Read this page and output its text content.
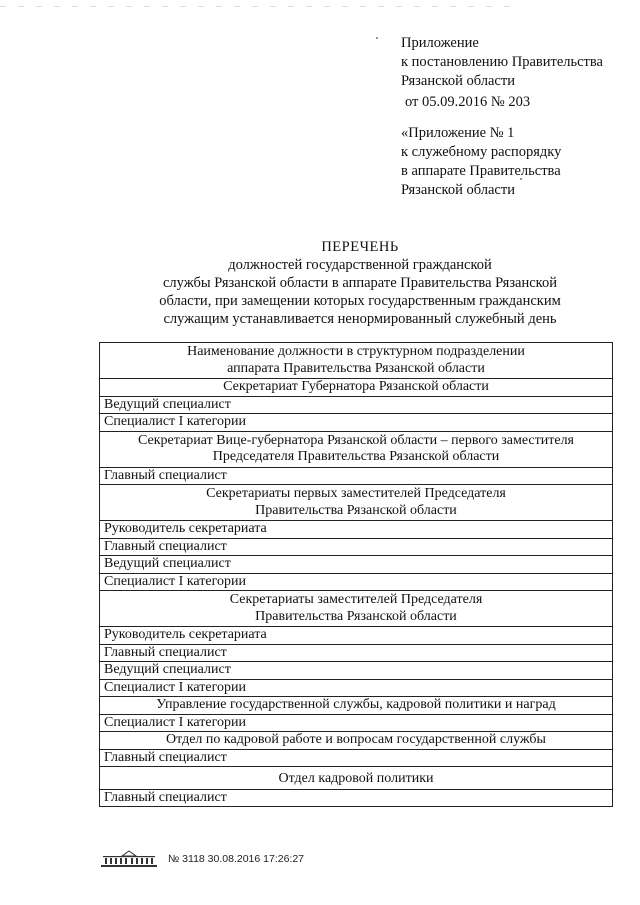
Приложение
к постановлению Правительства
Рязанской области
от 05.09.2016 № 203
«Приложение № 1
к служебному распорядку
в аппарате Правительства
Рязанской области
ПЕРЕЧЕНЬ
должностей государственной гражданской
службы Рязанской области в аппарате Правительства Рязанской
области, при замещении которых государственным гражданским
служащим устанавливается ненормированный служебный день
Наименование должности в структурном подразделении
аппарата Правительства Рязанской области

Секретариат Губернатора Рязанской области

Ведущий специалист
Специалист I категории

Секретариат Вице-губернатора Рязанской области – первого заместителя
Председателя Правительства Рязанской области

Главный специалист

Секретариаты первых заместителей Председателя
Правительства Рязанской области

Руководитель секретариата
Главный специалист
Ведущий специалист
Специалист I категории

Секретариаты заместителей Председателя
Правительства Рязанской области

Руководитель секретариата
Главный специалист
Ведущий специалист
Специалист I категории

Управление государственной службы, кадровой политики и наград

Специалист I категории

Отдел по кадровой работе и вопросам государственной службы

Главный специалист

Отдел кадровой политики

Главный специалист
№ 3118 30.08.2016 17:26:27
